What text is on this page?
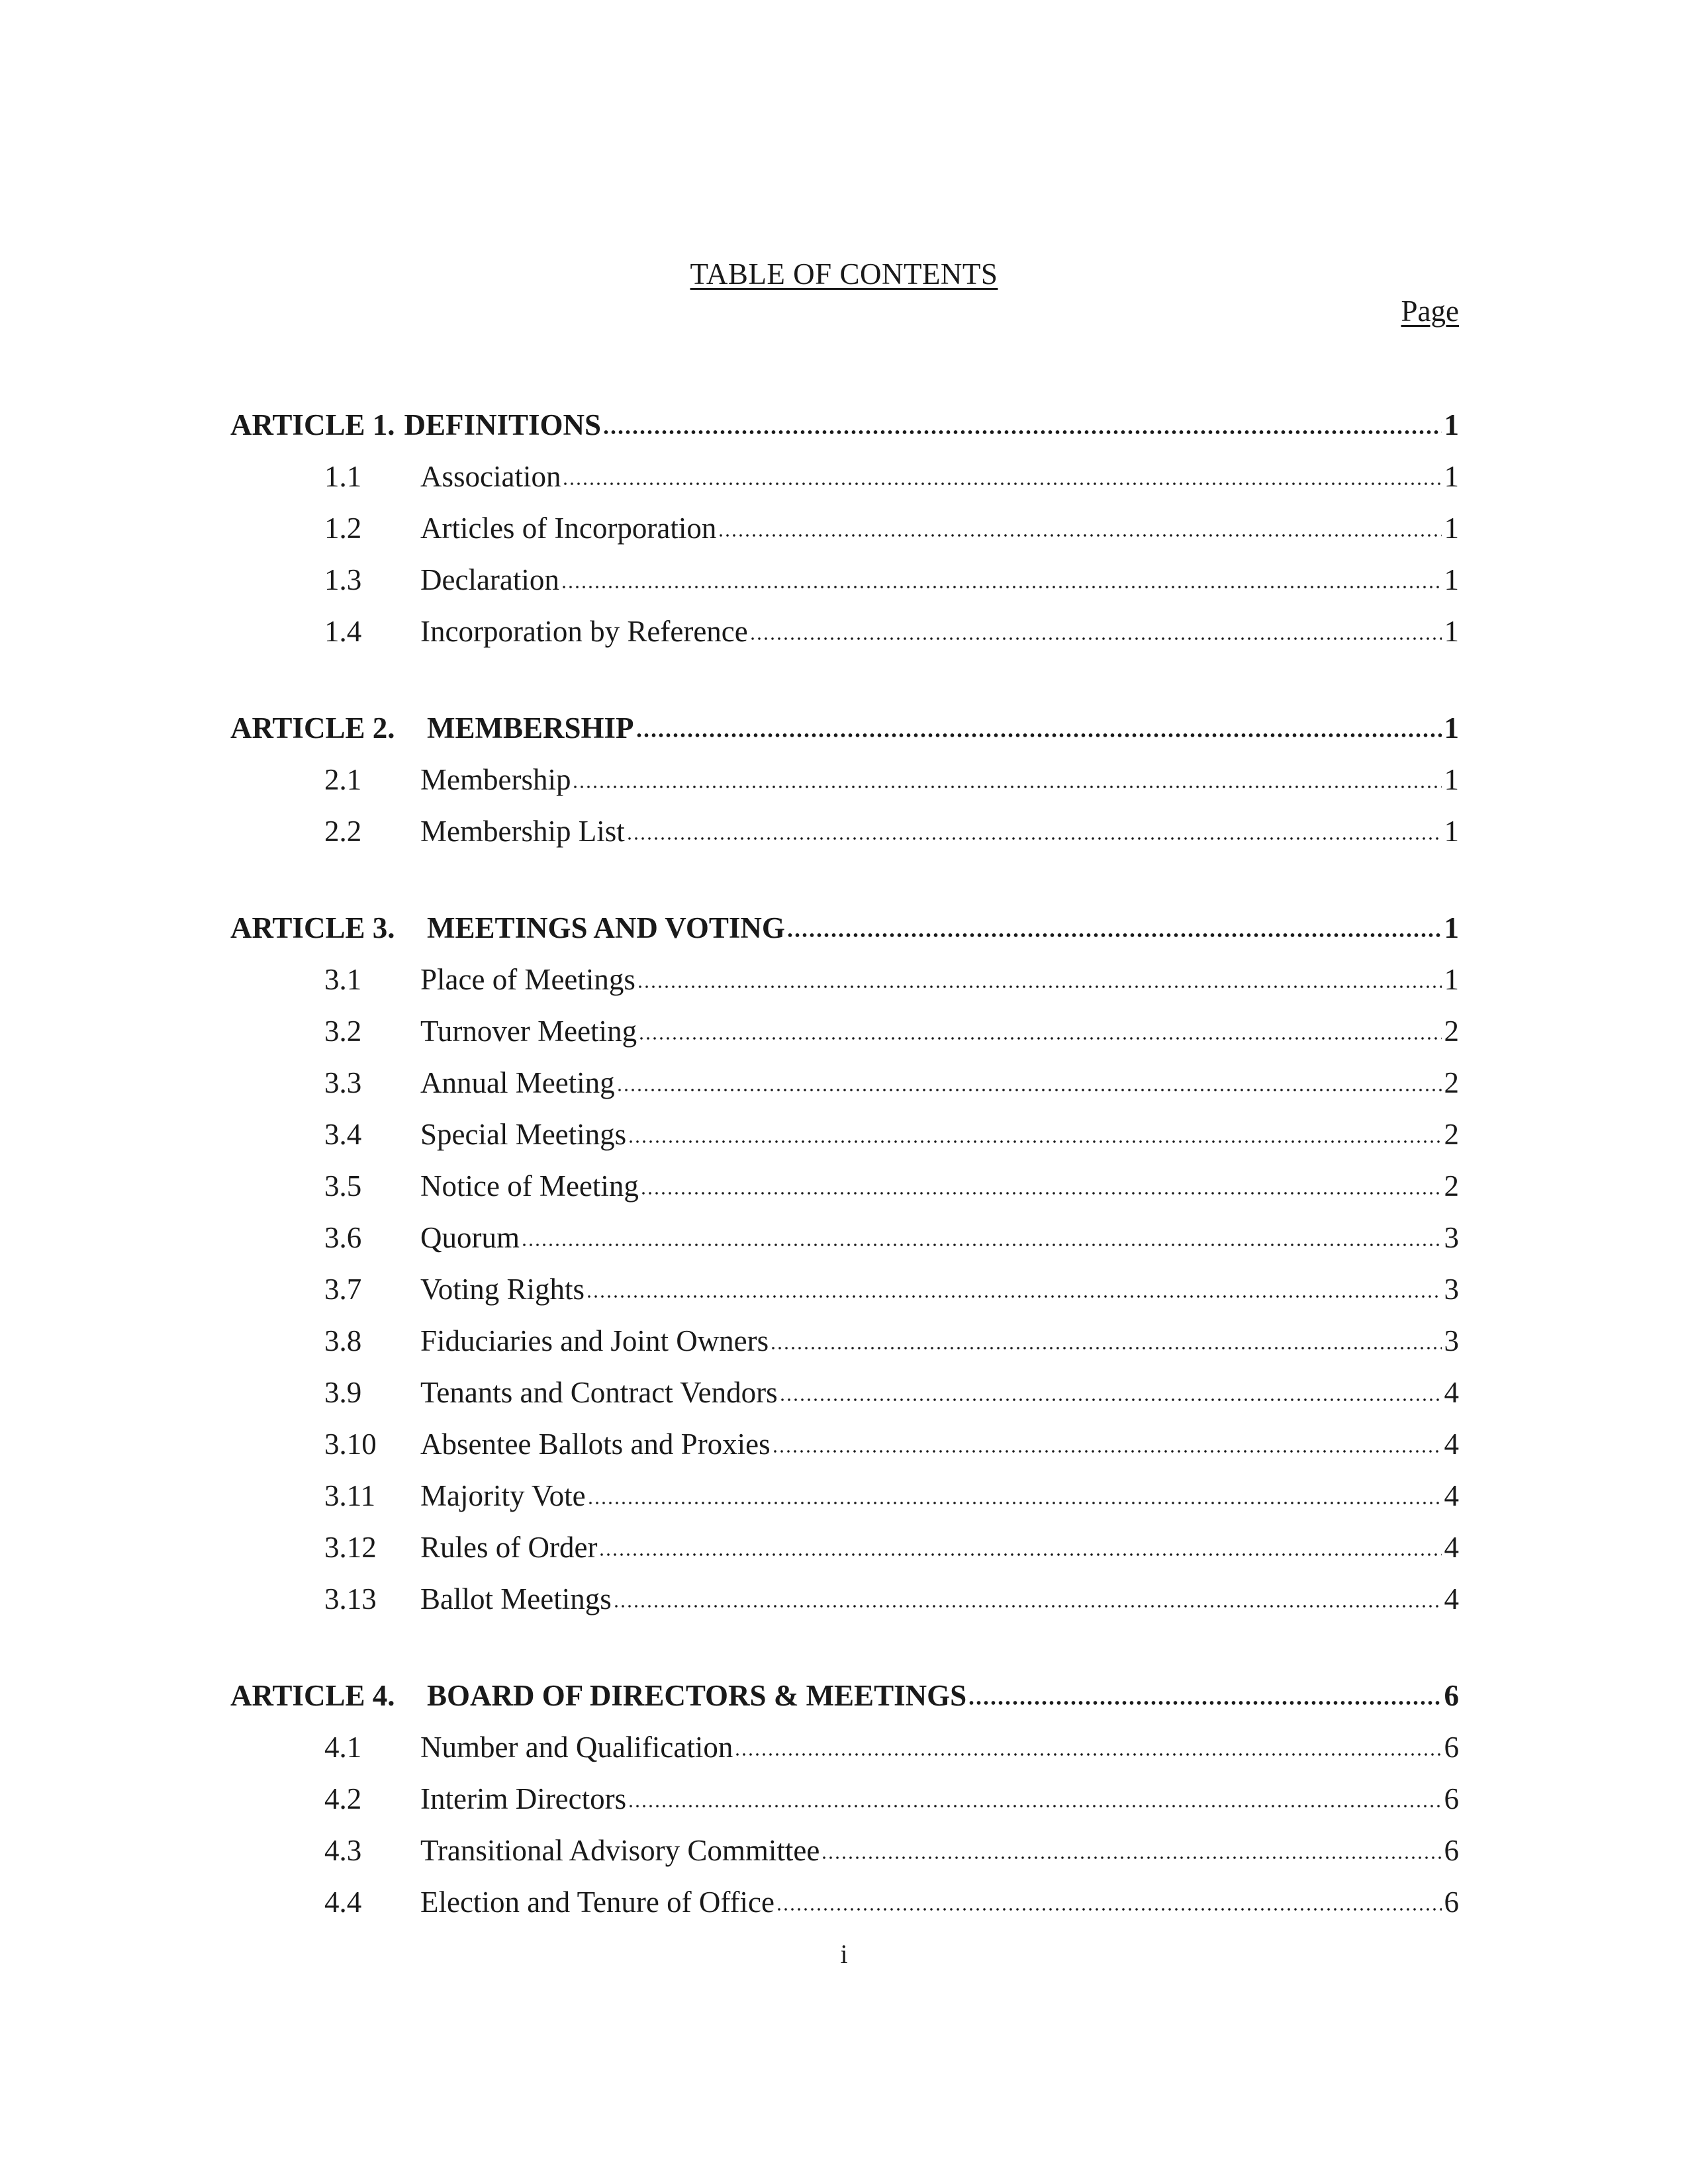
TABLE OF CONTENTS
Page
ARTICLE 1. DEFINITIONS	1
1.1	Association	1
1.2	Articles of Incorporation	1
1.3	Declaration	1
1.4	Incorporation by Reference	1
ARTICLE 2.	MEMBERSHIP	1
2.1	Membership	1
2.2	Membership List	1
ARTICLE 3.	MEETINGS AND VOTING	1
3.1	Place of Meetings	1
3.2	Turnover Meeting	2
3.3	Annual Meeting	2
3.4	Special Meetings	2
3.5	Notice of Meeting	2
3.6	Quorum	3
3.7	Voting Rights	3
3.8	Fiduciaries and Joint Owners	3
3.9	Tenants and Contract Vendors	4
3.10	Absentee Ballots and Proxies	4
3.11	Majority Vote	4
3.12	Rules of Order	4
3.13	Ballot Meetings	4
ARTICLE 4.	BOARD OF DIRECTORS & MEETINGS	6
4.1	Number and Qualification	6
4.2	Interim Directors	6
4.3	Transitional Advisory Committee	6
4.4	Election and Tenure of Office	6
i
